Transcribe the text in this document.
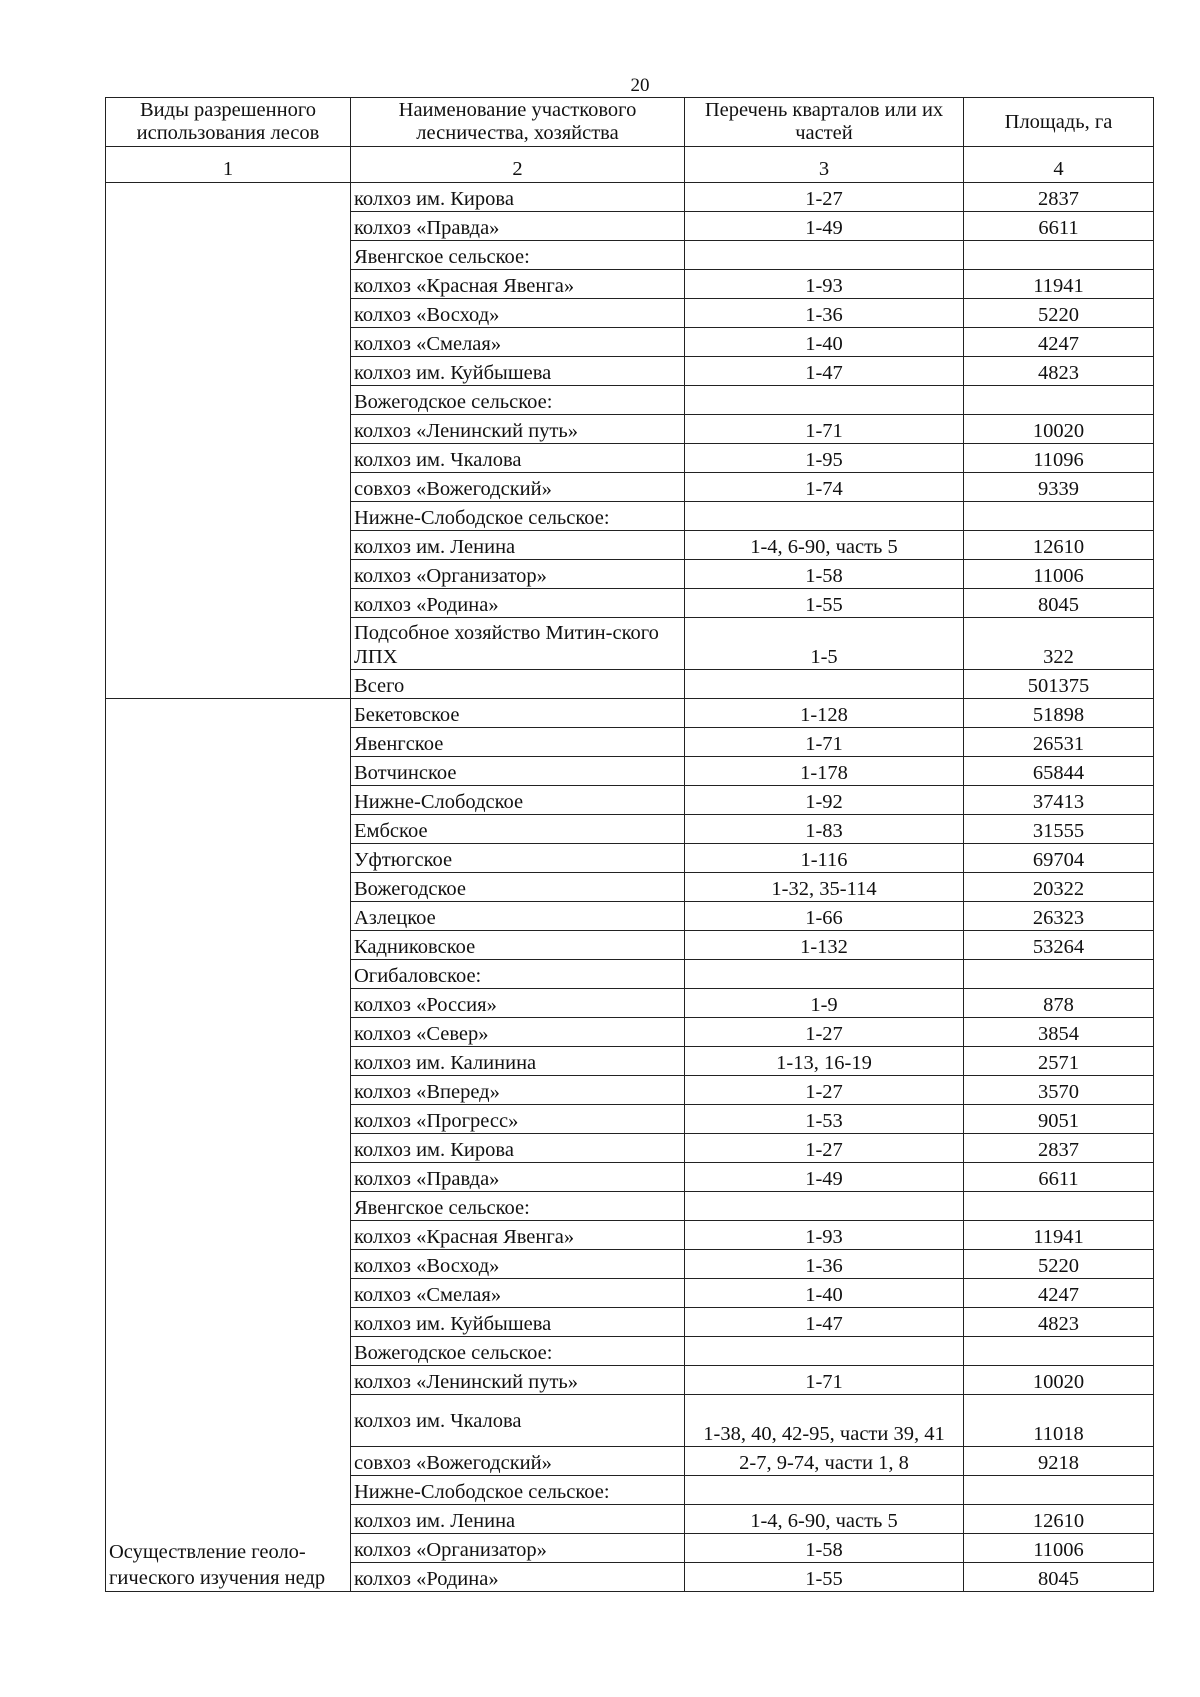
20
Виды разрешенного использования лесов	Наименование участкового лесничества, хозяйства	Перечень кварталов или их частей	Площадь, га
1	2	3	4
	колхоз им. Кирова	1-27	2837
	колхоз «Правда»	1-49	6611
	Явенгское сельское:		
	колхоз «Красная Явенга»	1-93	11941
	колхоз «Восход»	1-36	5220
	колхоз «Смелая»	1-40	4247
	колхоз им. Куйбышева	1-47	4823
	Вожегодское сельское:		
	колхоз «Ленинский путь»	1-71	10020
	колхоз им. Чкалова	1-95	11096
	совхоз «Вожегодский»	1-74	9339
	Нижне-Слободское сельское:		
	колхоз им. Ленина	1-4, 6-90, часть 5	12610
	колхоз «Организатор»	1-58	11006
	колхоз «Родина»	1-55	8045
	Подсобное хозяйство Митин-ского ЛПХ	1-5	322
	Всего		501375
Осуществление геоло-гического изучения недр	Бекетовское	1-128	51898
	Явенгское	1-71	26531
	Вотчинское	1-178	65844
	Нижне-Слободское	1-92	37413
	Ембское	1-83	31555
	Уфтюгское	1-116	69704
	Вожегодское	1-32, 35-114	20322
	Азлецкое	1-66	26323
	Кадниковское	1-132	53264
	Огибаловское:		
	колхоз «Россия»	1-9	878
	колхоз «Север»	1-27	3854
	колхоз им. Калинина	1-13, 16-19	2571
	колхоз «Вперед»	1-27	3570
	колхоз «Прогресс»	1-53	9051
	колхоз им. Кирова	1-27	2837
	колхоз «Правда»	1-49	6611
	Явенгское сельское:		
	колхоз «Красная Явенга»	1-93	11941
	колхоз «Восход»	1-36	5220
	колхоз «Смелая»	1-40	4247
	колхоз им. Куйбышева	1-47	4823
	Вожегодское сельское:		
	колхоз «Ленинский путь»	1-71	10020
	колхоз им. Чкалова	1-38, 40, 42-95, части 39, 41	11018
	совхоз «Вожегодский»	2-7, 9-74, части 1, 8	9218
	Нижне-Слободское сельское:		
	колхоз им. Ленина	1-4, 6-90, часть 5	12610
	колхоз «Организатор»	1-58	11006
	колхоз «Родина»	1-55	8045
